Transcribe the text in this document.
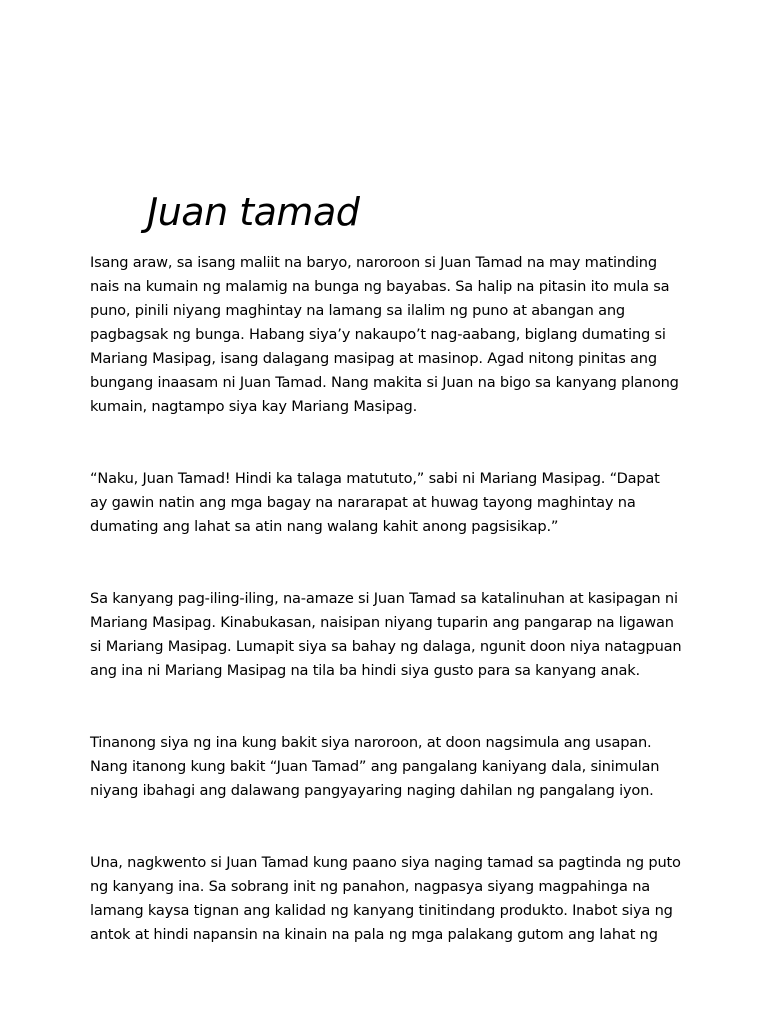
Juan tamad
Isang araw, sa isang maliit na baryo, naroroon si Juan Tamad na may matinding
nais na kumain ng malamig na bunga ng bayabas. Sa halip na pitasin ito mula sa
puno, pinili niyang maghintay na lamang sa ilalim ng puno at abangan ang
pagbagsak ng bunga. Habang siya’y nakaupo’t nag-aabang, biglang dumating si
Mariang Masipag, isang dalagang masipag at masinop. Agad nitong pinitas ang
bungang inaasam ni Juan Tamad. Nang makita si Juan na bigo sa kanyang planong
kumain, nagtampo siya kay Mariang Masipag.
“Naku, Juan Tamad! Hindi ka talaga matututo,” sabi ni Mariang Masipag. “Dapat
ay gawin natin ang mga bagay na nararapat at huwag tayong maghintay na
dumating ang lahat sa atin nang walang kahit anong pagsisikap.”
Sa kanyang pag-iling-iling, na-amaze si Juan Tamad sa katalinuhan at kasipagan ni
Mariang Masipag. Kinabukasan, naisipan niyang tuparin ang pangarap na ligawan
si Mariang Masipag. Lumapit siya sa bahay ng dalaga, ngunit doon niya natagpuan
ang ina ni Mariang Masipag na tila ba hindi siya gusto para sa kanyang anak.
Tinanong siya ng ina kung bakit siya naroroon, at doon nagsimula ang usapan.
Nang itanong kung bakit “Juan Tamad” ang pangalang kaniyang dala, sinimulan
niyang ibahagi ang dalawang pangyayaring naging dahilan ng pangalang iyon.
Una, nagkwento si Juan Tamad kung paano siya naging tamad sa pagtinda ng puto
ng kanyang ina. Sa sobrang init ng panahon, nagpasya siyang magpahinga na
lamang kaysa tignan ang kalidad ng kanyang tinitindang produkto. Inabot siya ng
antok at hindi napansin na kinain na pala ng mga palakang gutom ang lahat ng
